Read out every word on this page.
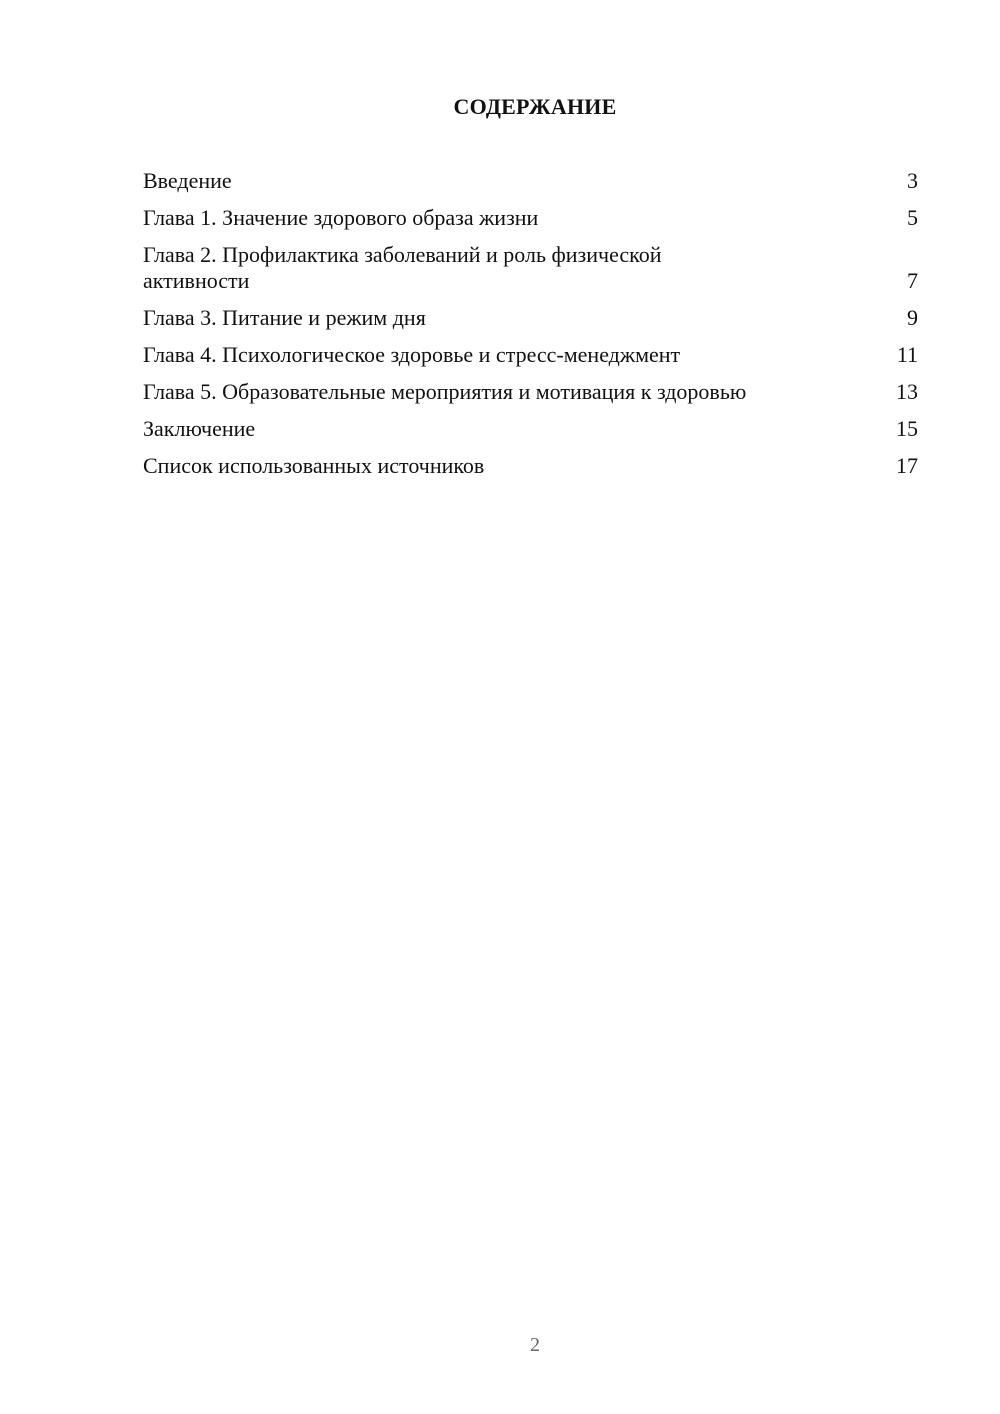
СОДЕРЖАНИЕ
Введение	3
Глава 1. Значение здорового образа жизни	5
Глава 2. Профилактика заболеваний и роль физической активности	7
Глава 3. Питание и режим дня	9
Глава 4. Психологическое здоровье и стресс-менеджмент	11
Глава 5. Образовательные мероприятия и мотивация к здоровью	13
Заключение	15
Список использованных источников	17
2
